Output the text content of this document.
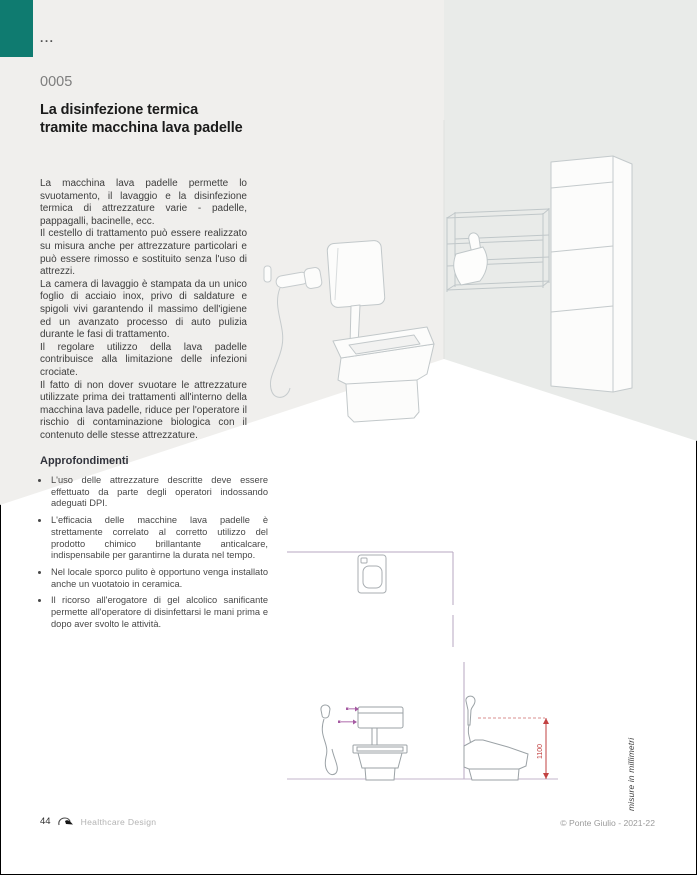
...
0005
La disinfezione termica
tramite macchina lava padelle

La macchina lava padelle permette lo svuotamento, il lavaggio e la disinfezione termica di attrezzature varie - padelle, pappagalli, bacinelle, ecc.

Il cestello di trattamento può essere realizzato su misura anche per attrezzature particolari e può essere rimosso e sostituito senza l'uso di attrezzi.

La camera di lavaggio è stampata da un unico foglio di acciaio inox, privo di saldature e spigoli vivi garantendo il massimo dell'igiene ed un avanzato processo di auto pulizia durante le fasi di trattamento.

Il regolare utilizzo della lava padelle contribuisce alla limitazione delle infezioni crociate.

Il fatto di non dover svuotare le attrezzature utilizzate prima dei trattamenti all'interno della macchina lava padelle, riduce per l'operatore il rischio di contaminazione biologica con il contenuto delle stesse attrezzature.

Approfondimenti
• L'uso delle attrezzature descritte deve essere effettuato da parte degli operatori indossando adeguati DPI.
• L'efficacia delle macchine lava padelle è strettamente correlato al corretto utilizzo del prodotto chimico brillantante anticalcare, indispensabile per garantirne la durata nel tempo.
• Nel locale sporco pulito è opportuno venga installato anche un vuotatoio in ceramica.
• Il ricorso all'erogatore di gel alcolico sanificante permette all'operatore di disinfettarsi le mani prima e dopo aver svolto le attività.
1100	misure in millimetri
44	Healthcare Design	© Ponte Giulio - 2021-22
